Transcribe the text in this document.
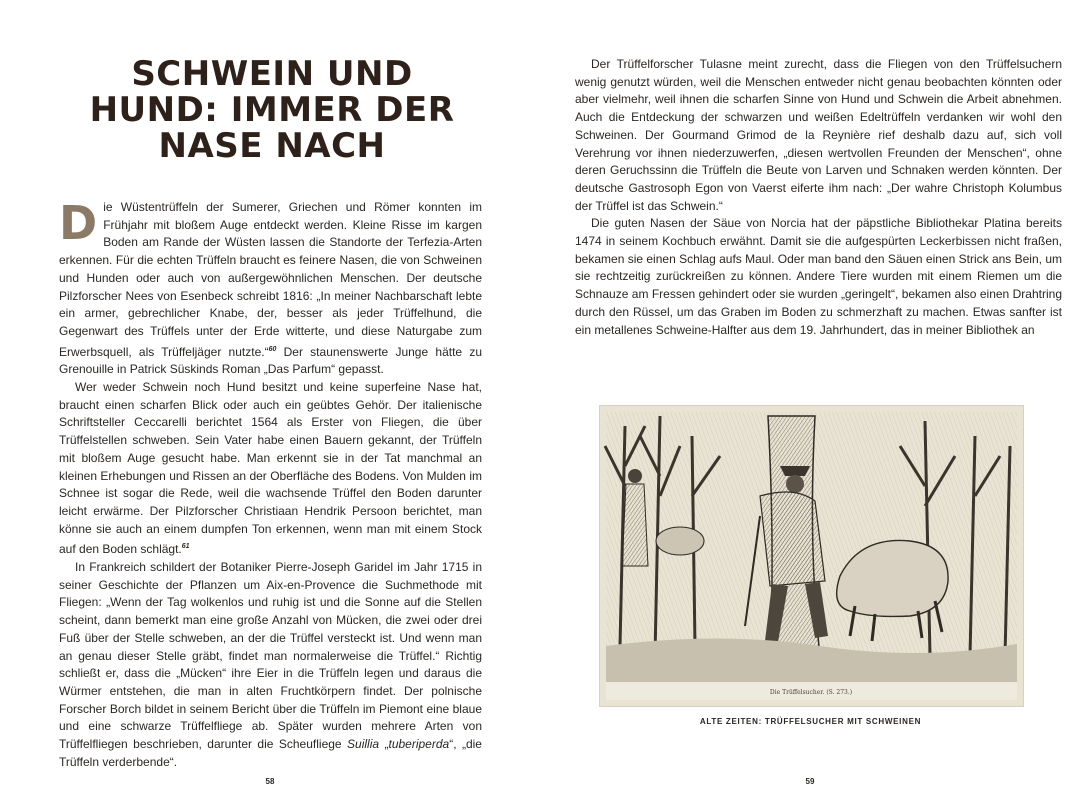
SCHWEIN UND
HUND: IMMER DER
NASE NACH

Die Wüstentrüffeln der Sumerer, Griechen und Römer konnten im Frühjahr mit bloßem Auge entdeckt werden. Kleine Risse im kargen Boden am Rande der Wüsten lassen die Standorte der Terfezia-Arten erkennen. Für die echten Trüffeln braucht es feinere Nasen, die von Schweinen und Hunden oder auch von außergewöhnlichen Menschen. Der deutsche Pilzforscher Nees von Esenbeck schreibt 1816: „In meiner Nachbarschaft lebte ein armer, gebrechlicher Knabe, der, besser als jeder Trüffelhund, die Gegenwart des Trüffels unter der Erde witterte, und diese Naturgabe zum Erwerbsquell, als Trüffeljäger nutzte.“$^{60}$ Der staunenswerte Junge hätte zu Grenouille in Patrick Süskinds Roman „Das Parfum“ gepasst.

Wer weder Schwein noch Hund besitzt und keine superfeine Nase hat, braucht einen scharfen Blick oder auch ein geübtes Gehör. Der italienische Schriftsteller Ceccarelli berichtet 1564 als Erster von Fliegen, die über Trüffelstellen schweben. Sein Vater habe einen Bauern gekannt, der Trüffeln mit bloßem Auge gesucht habe. Man erkennt sie in der Tat manchmal an kleinen Erhebungen und Rissen an der Oberfläche des Bodens. Von Mulden im Schnee ist sogar die Rede, weil die wachsende Trüffel den Boden darunter leicht erwärme. Der Pilzforscher Christiaan Hendrik Persoon berichtet, man könne sie auch an einem dumpfen Ton erkennen, wenn man mit einem Stock auf den Boden schlägt.$^{61}$

In Frankreich schildert der Botaniker Pierre-Joseph Garidel im Jahr 1715 in seiner Geschichte der Pflanzen um Aix-en-Provence die Suchmethode mit Fliegen: „Wenn der Tag wolkenlos und ruhig ist und die Sonne auf die Stellen scheint, dann bemerkt man eine große Anzahl von Mücken, die zwei oder drei Fuß über der Stelle schweben, an der die Trüffel versteckt ist. Und wenn man an genau dieser Stelle gräbt, findet man normalerweise die Trüffel.“ Richtig schließt er, dass die „Mücken“ ihre Eier in die Trüffeln legen und daraus die Würmer entstehen, die man in alten Fruchtkörpern findet. Der polnische Forscher Borch bildet in seinem Bericht über die Trüffeln im Piemont eine blaue und eine schwarze Trüffelfliege ab. Später wurden mehrere Arten von Trüffelfliegen beschrieben, darunter die Scheufliege Suillia „tuberiperda“, „die Trüffeln verderbende“.

58

Der Trüffelforscher Tulasne meint zurecht, dass die Fliegen von den Trüffelsuchern wenig genutzt würden, weil die Menschen entweder nicht genau beobachten könnten oder aber vielmehr, weil ihnen die scharfen Sinne von Hund und Schwein die Arbeit abnehmen. Auch die Entdeckung der schwarzen und weißen Edeltrüffeln verdanken wir wohl den Schweinen. Der Gourmand Grimod de la Reynière rief deshalb dazu auf, sich voll Verehrung vor ihnen niederzuwerfen, „diesen wertvollen Freunden der Menschen“, ohne deren Geruchssinn die Trüffeln die Beute von Larven und Schnaken werden könnten. Der deutsche Gastrosoph Egon von Vaerst eiferte ihm nach: „Der wahre Christoph Kolumbus der Trüffel ist das Schwein.“

Die guten Nasen der Säue von Norcia hat der päpstliche Bibliothekar Platina bereits 1474 in seinem Kochbuch erwähnt. Damit sie die aufgespürten Leckerbissen nicht fraßen, bekamen sie einen Schlag aufs Maul. Oder man band den Säuen einen Strick ans Bein, um sie rechtzeitig zurückreißen zu können. Andere Tiere wurden mit einem Riemen um die Schnauze am Fressen gehindert oder sie wurden „geringelt“, bekamen also einen Drahtring durch den Rüssel, um das Graben im Boden zu schmerzhaft zu machen. Etwas sanfter ist ein metallenes Schweine-Halfter aus dem 19. Jahrhundert, das in meiner Bibliothek an

Die Trüffelsucher. (S. 273.)
ALTE ZEITEN: TRÜFFELSUCHER MIT SCHWEINEN
59
